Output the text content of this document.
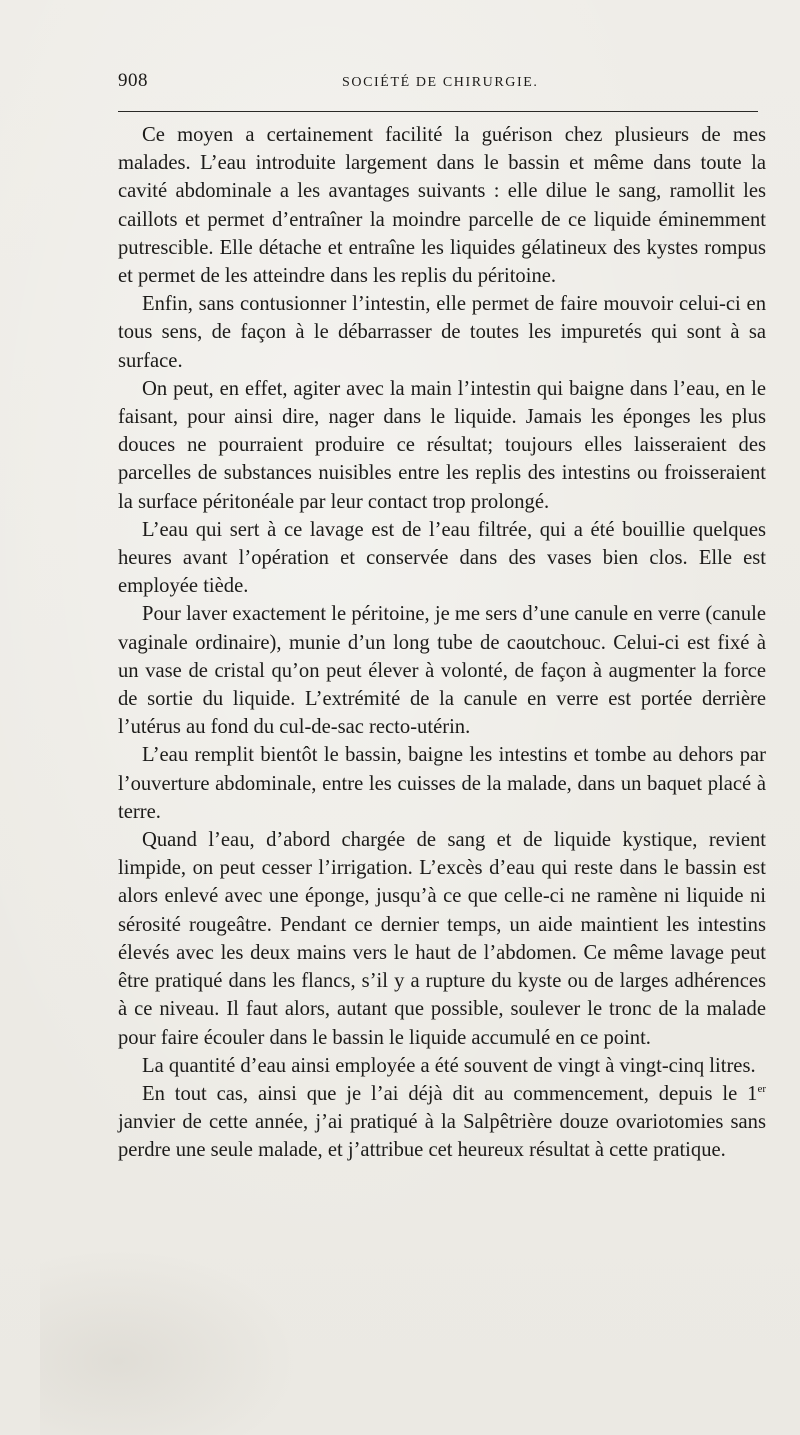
908	SOCIÉTÉ DE CHIRURGIE.

Ce moyen a certainement facilité la guérison chez plusieurs de mes malades. L’eau introduite largement dans le bassin et même dans toute la cavité abdominale a les avantages suivants : elle dilue le sang, ramollit les caillots et permet d’entraîner la moindre parcelle de ce liquide éminemment putrescible. Elle détache et entraîne les liquides gélatineux des kystes rompus et permet de les atteindre dans les replis du péritoine.

Enfin, sans contusionner l’intestin, elle permet de faire mouvoir celui-ci en tous sens, de façon à le débarrasser de toutes les impuretés qui sont à sa surface.

On peut, en effet, agiter avec la main l’intestin qui baigne dans l’eau, en le faisant, pour ainsi dire, nager dans le liquide. Jamais les éponges les plus douces ne pourraient produire ce résultat; toujours elles laisseraient des parcelles de substances nuisibles entre les replis des intestins ou froisseraient la surface péritonéale par leur contact trop prolongé.

L’eau qui sert à ce lavage est de l’eau filtrée, qui a été bouillie quelques heures avant l’opération et conservée dans des vases bien clos. Elle est employée tiède.

Pour laver exactement le péritoine, je me sers d’une canule en verre (canule vaginale ordinaire), munie d’un long tube de caoutchouc. Celui-ci est fixé à un vase de cristal qu’on peut élever à volonté, de façon à augmenter la force de sortie du liquide. L’extrémité de la canule en verre est portée derrière l’utérus au fond du cul-de-sac recto-utérin.

L’eau remplit bientôt le bassin, baigne les intestins et tombe au dehors par l’ouverture abdominale, entre les cuisses de la malade, dans un baquet placé à terre.

Quand l’eau, d’abord chargée de sang et de liquide kystique, revient limpide, on peut cesser l’irrigation. L’excès d’eau qui reste dans le bassin est alors enlevé avec une éponge, jusqu’à ce que celle-ci ne ramène ni liquide ni sérosité rougeâtre. Pendant ce dernier temps, un aide maintient les intestins élevés avec les deux mains vers le haut de l’abdomen. Ce même lavage peut être pratiqué dans les flancs, s’il y a rupture du kyste ou de larges adhérences à ce niveau. Il faut alors, autant que possible, soulever le tronc de la malade pour faire écouler dans le bassin le liquide accumulé en ce point.

La quantité d’eau ainsi employée a été souvent de vingt à vingt-cinq litres.

En tout cas, ainsi que je l’ai déjà dit au commencement, depuis le 1er janvier de cette année, j’ai pratiqué à la Salpêtrière douze ovariotomies sans perdre une seule malade, et j’attribue cet heureux résultat à cette pratique.
